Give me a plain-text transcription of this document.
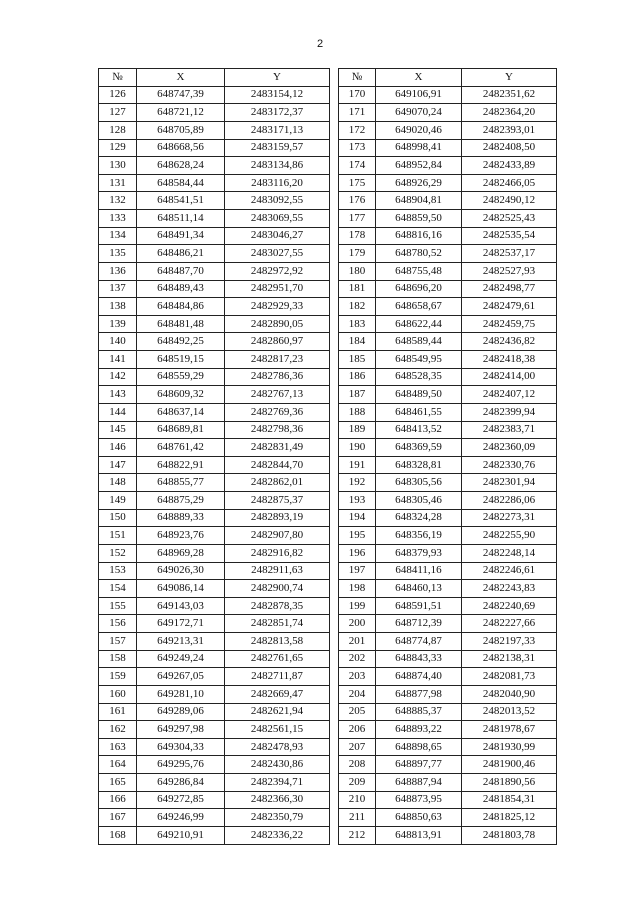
2
№	X	Y		№	X	Y
126	648747,39	2483154,12		170	649106,91	2482351,62
127	648721,12	2483172,37		171	649070,24	2482364,20
128	648705,89	2483171,13		172	649020,46	2482393,01
129	648668,56	2483159,57		173	648998,41	2482408,50
130	648628,24	2483134,86		174	648952,84	2482433,89
131	648584,44	2483116,20		175	648926,29	2482466,05
132	648541,51	2483092,55		176	648904,81	2482490,12
133	648511,14	2483069,55		177	648859,50	2482525,43
134	648491,34	2483046,27		178	648816,16	2482535,54
135	648486,21	2483027,55		179	648780,52	2482537,17
136	648487,70	2482972,92		180	648755,48	2482527,93
137	648489,43	2482951,70		181	648696,20	2482498,77
138	648484,86	2482929,33		182	648658,67	2482479,61
139	648481,48	2482890,05		183	648622,44	2482459,75
140	648492,25	2482860,97		184	648589,44	2482436,82
141	648519,15	2482817,23		185	648549,95	2482418,38
142	648559,29	2482786,36		186	648528,35	2482414,00
143	648609,32	2482767,13		187	648489,50	2482407,12
144	648637,14	2482769,36		188	648461,55	2482399,94
145	648689,81	2482798,36		189	648413,52	2482383,71
146	648761,42	2482831,49		190	648369,59	2482360,09
147	648822,91	2482844,70		191	648328,81	2482330,76
148	648855,77	2482862,01		192	648305,56	2482301,94
149	648875,29	2482875,37		193	648305,46	2482286,06
150	648889,33	2482893,19		194	648324,28	2482273,31
151	648923,76	2482907,80		195	648356,19	2482255,90
152	648969,28	2482916,82		196	648379,93	2482248,14
153	649026,30	2482911,63		197	648411,16	2482246,61
154	649086,14	2482900,74		198	648460,13	2482243,83
155	649143,03	2482878,35		199	648591,51	2482240,69
156	649172,71	2482851,74		200	648712,39	2482227,66
157	649213,31	2482813,58		201	648774,87	2482197,33
158	649249,24	2482761,65		202	648843,33	2482138,31
159	649267,05	2482711,87		203	648874,40	2482081,73
160	649281,10	2482669,47		204	648877,98	2482040,90
161	649289,06	2482621,94		205	648885,37	2482013,52
162	649297,98	2482561,15		206	648893,22	2481978,67
163	649304,33	2482478,93		207	648898,65	2481930,99
164	649295,76	2482430,86		208	648897,77	2481900,46
165	649286,84	2482394,71		209	648887,94	2481890,56
166	649272,85	2482366,30		210	648873,95	2481854,31
167	649246,99	2482350,79		211	648850,63	2481825,12
168	649210,91	2482336,22		212	648813,91	2481803,78
